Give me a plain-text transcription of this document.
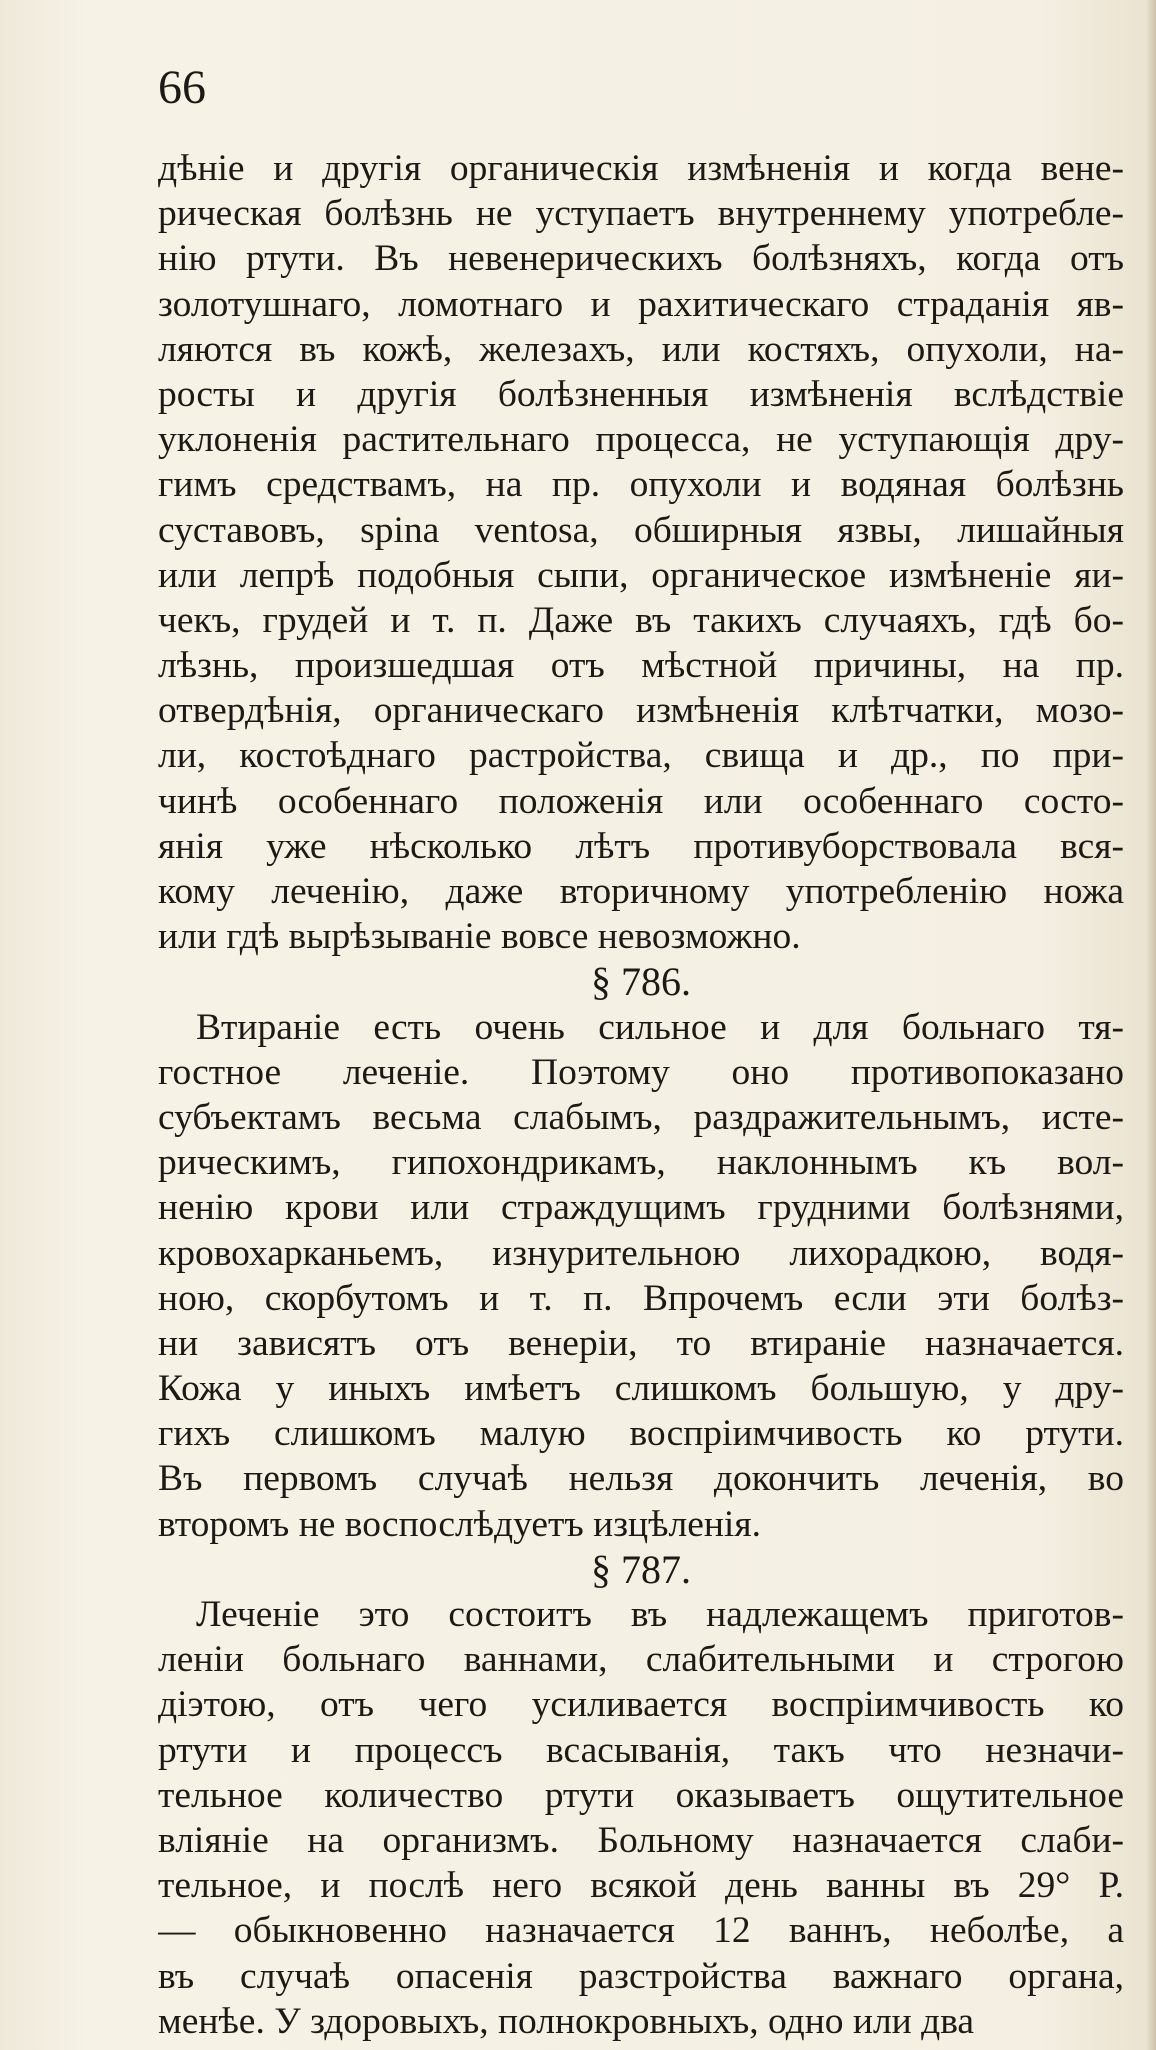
66
дѣніе и другія органическія измѣненія и когда вене-
рическая болѣзнь не уступаетъ внутреннему употребле-
нію ртути. Въ невенерическихъ болѣзняхъ, когда отъ
золотушнаго, ломотнаго и рахитическаго страданія яв-
ляются въ кожѣ, железахъ, или костяхъ, опухоли, на-
росты и другія болѣзненныя измѣненія вслѣдствіе
уклоненія растительнаго процесса, не уступающія дру-
гимъ средствамъ, на пр. опухоли и водяная болѣзнь
суставовъ, spina ventosa, обширныя язвы, лишайныя
или лепрѣ подобныя сыпи, органическое измѣненіе яи-
чекъ, грудей и т. п. Даже въ такихъ случаяхъ, гдѣ бо-
лѣзнь, произшедшая отъ мѣстной причины, на пр.
отвердѣнія, органическаго измѣненія клѣтчатки, мозо-
ли, костоѣднаго растройства, свища и др., по при-
чинѣ особеннаго положенія или особеннаго состо-
янія уже нѣсколько лѣтъ противуборствовала вся-
кому леченію, даже вторичному употребленію ножа
или гдѣ вырѣзываніе вовсе невозможно.
§ 786.
Втираніе есть очень сильное и для больнаго тя-
гостное леченіе. Поэтому оно противопоказано
субъектамъ весьма слабымъ, раздражительнымъ, исте-
рическимъ, гипохондрикамъ, наклоннымъ къ вол-
ненію крови или страждущимъ грудними болѣзнями,
кровохарканьемъ, изнурительною лихорадкою, водя-
ною, скорбутомъ и т. п. Впрочемъ если эти болѣз-
ни зависятъ отъ венеріи, то втираніе назначается.
Кожа у иныхъ имѣетъ слишкомъ большую, у дру-
гихъ слишкомъ малую воспріимчивость ко ртути.
Въ первомъ случаѣ нельзя докончить леченія, во
второмъ не воспослѣдуетъ изцѣленія.
§ 787.
Леченіе это состоитъ въ надлежащемъ приготов-
леніи больнаго ваннами, слабительными и строгою
діэтою, отъ чего усиливается воспріимчивость ко
ртути и процессъ всасыванія, такъ что незначи-
тельное количество ртути оказываетъ ощутительное
вліяніе на организмъ. Больному назначается слаби-
тельное, и послѣ него всякой день ванны въ 29° Р.
— обыкновенно назначается 12 ваннъ, неболѣе, а
въ случаѣ опасенія разстройства важнаго органа,
менѣе. У здоровыхъ, полнокровныхъ, одно или два
